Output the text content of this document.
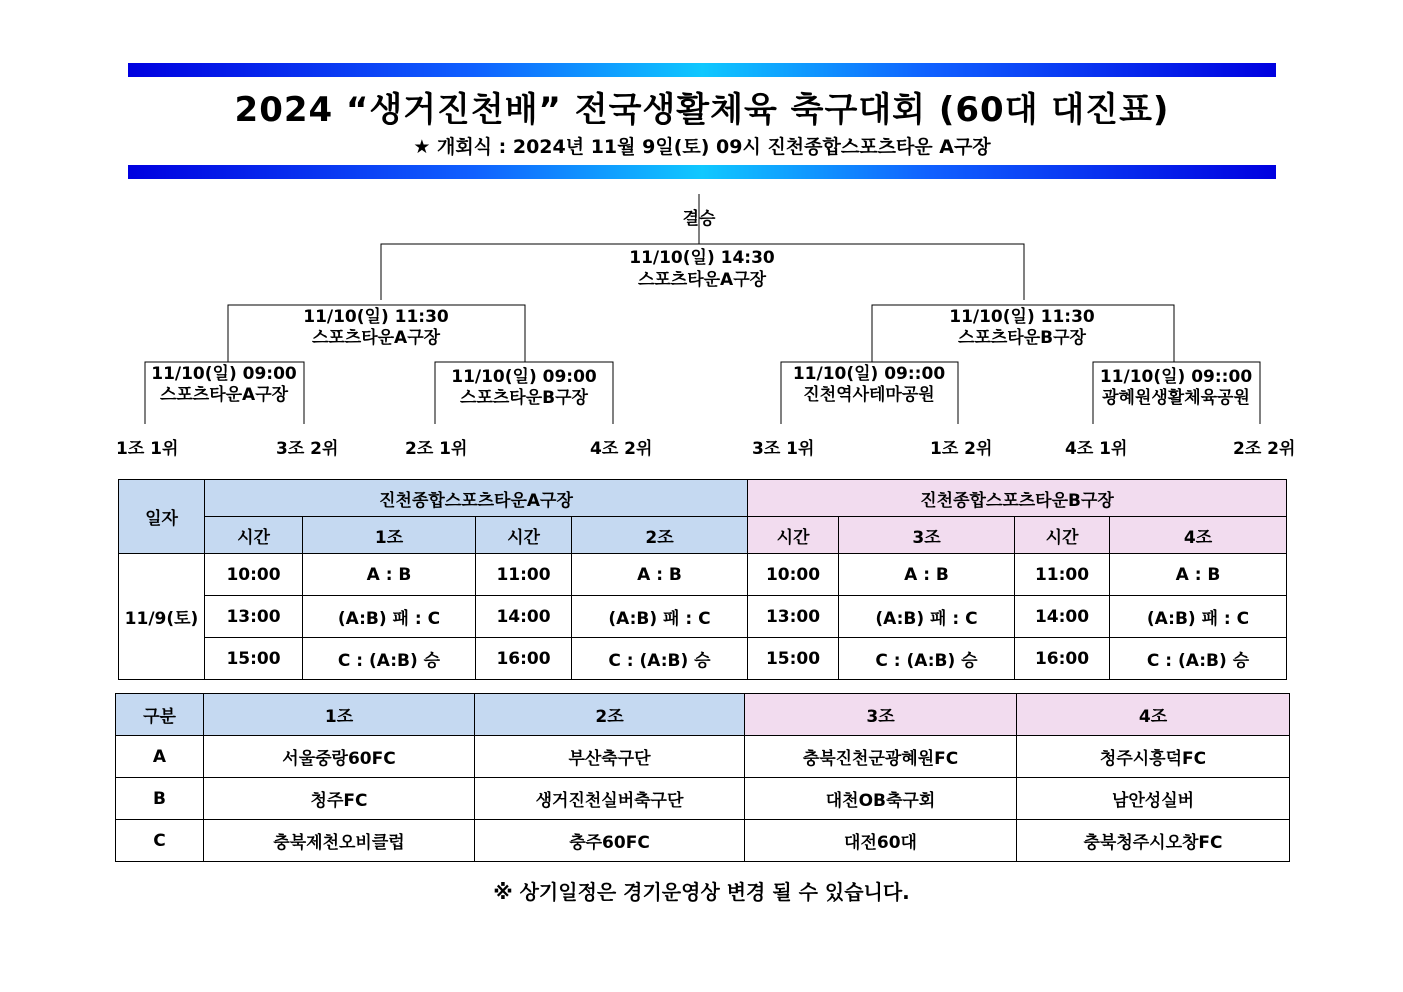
2024 “생거진천배” 전국생활체육 축구대회 (60대 대진표)
★ 개회식 : 2024년 11월 9일(토) 09시 진천종합스포츠타운 A구장
결승
11/10(일) 14:30
스포츠타운A구장
11/10(일) 11:30
스포츠타운A구장
11/10(일) 11:30
스포츠타운B구장
11/10(일) 09:00
스포츠타운A구장
11/10(일) 09:00
스포츠타운B구장
11/10(일) 09::00
진천역사테마공원
11/10(일) 09::00
광혜원생활체육공원
1조 1위	3조 2위	2조 1위	4조 2위	3조 1위	1조 2위	4조 1위	2조 2위
일자	진천종합스포츠타운A구장				진천종합스포츠타운B구장			
	시간	1조	시간	2조	시간	3조	시간	4조
11/9(토)	10:00	A : B	11:00	A : B	10:00	A : B	11:00	A : B
	13:00	(A:B) 패 : C	14:00	(A:B) 패 : C	13:00	(A:B) 패 : C	14:00	(A:B) 패 : C
	15:00	C : (A:B) 승	16:00	C : (A:B) 승	15:00	C : (A:B) 승	16:00	C : (A:B) 승
구분	1조	2조	3조	4조
A	서울중랑60FC	부산축구단	충북진천군광혜원FC	청주시흥덕FC
B	청주FC	생거진천실버축구단	대천OB축구회	남안성실버
C	충북제천오비클럽	충주60FC	대전60대	충북청주시오창FC
※ 상기일정은 경기운영상 변경 될 수 있습니다.
